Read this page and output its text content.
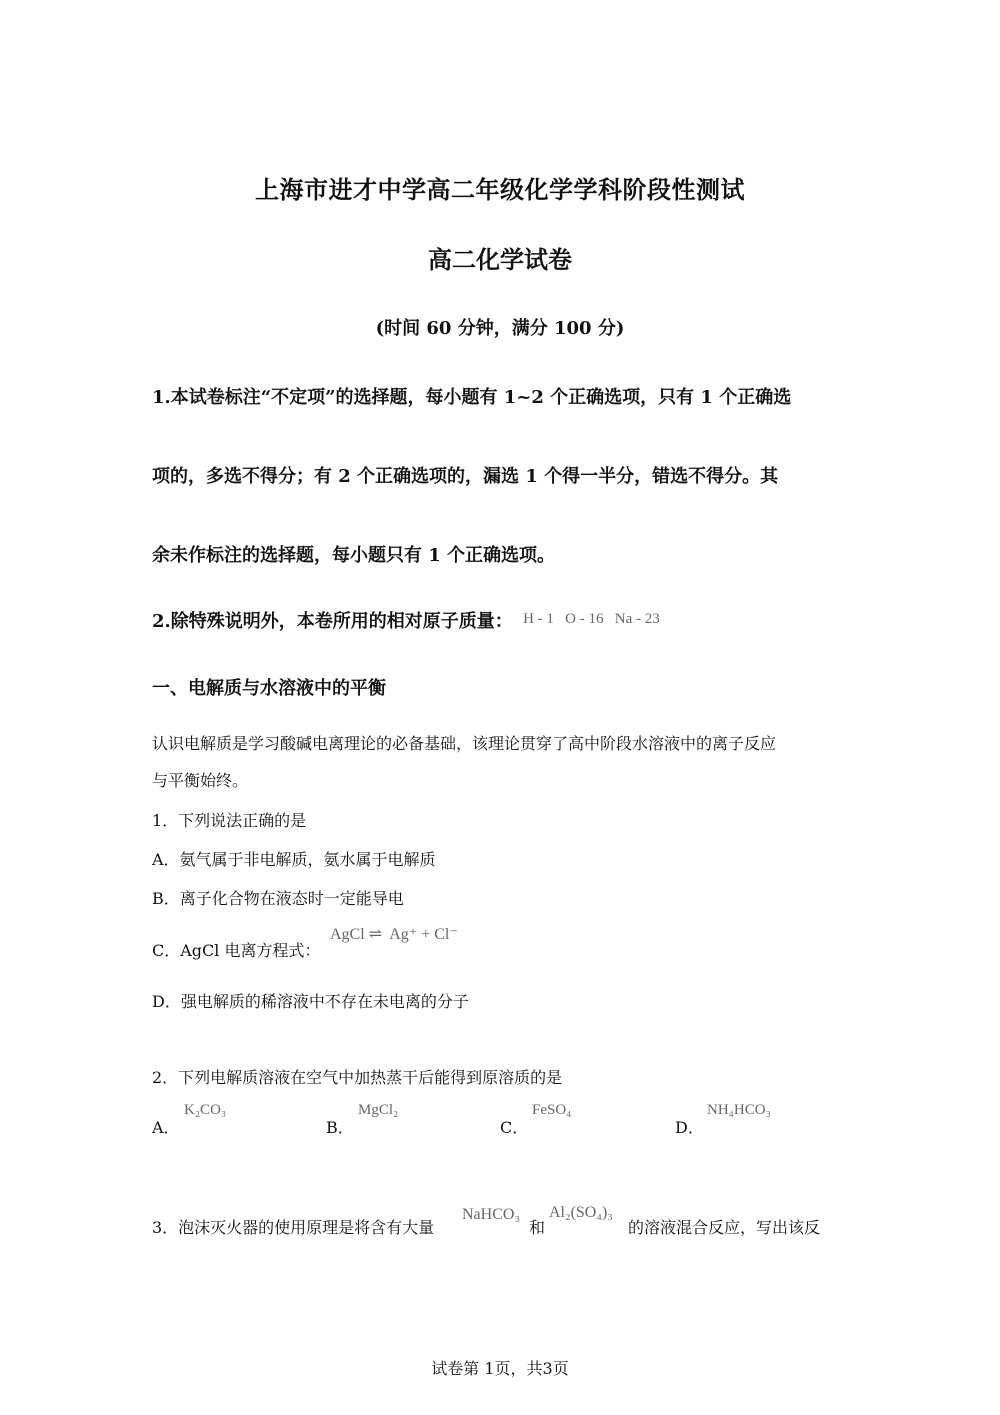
上海市进才中学高二年级化学学科阶段性测试
高二化学试卷
(时间 60 分钟，满分 100 分)
1.本试卷标注“不定项”的选择题，每小题有 1~2 个正确选项，只有 1 个正确选
项的，多选不得分；有 2 个正确选项的，漏选 1 个得一半分，错选不得分。其
余未作标注的选择题，每小题只有 1 个正确选项。
2.除特殊说明外，本卷所用的相对原子质量： $^{H - 1 O - 16 Na - 23}$
一、电解质与水溶液中的平衡
认识电解质是学习酸碱电离理论的必备基础，该理论贯穿了高中阶段水溶液中的离子反应
与平衡始终。
1．下列说法正确的是
A．氨气属于非电解质，氨水属于电解质
B．离子化合物在液态时一定能导电
C．AgCl 电离方程式：
AgCl ⇌  Ag⁺ + Cl⁻
D．强电解质的稀溶液中不存在未电离的分子
2．下列电解质溶液在空气中加热蒸干后能得到原溶质的是
A．
K₂CO₃
B．
MgCl₂
C．
FeSO₄
D．
NH₄HCO₃
3．泡沫灭火器的使用原理是将含有大量
NaHCO₃
和
Al₂(SO₄)₃
的溶液混合反应，写出该反
试卷第 1页，共3页
